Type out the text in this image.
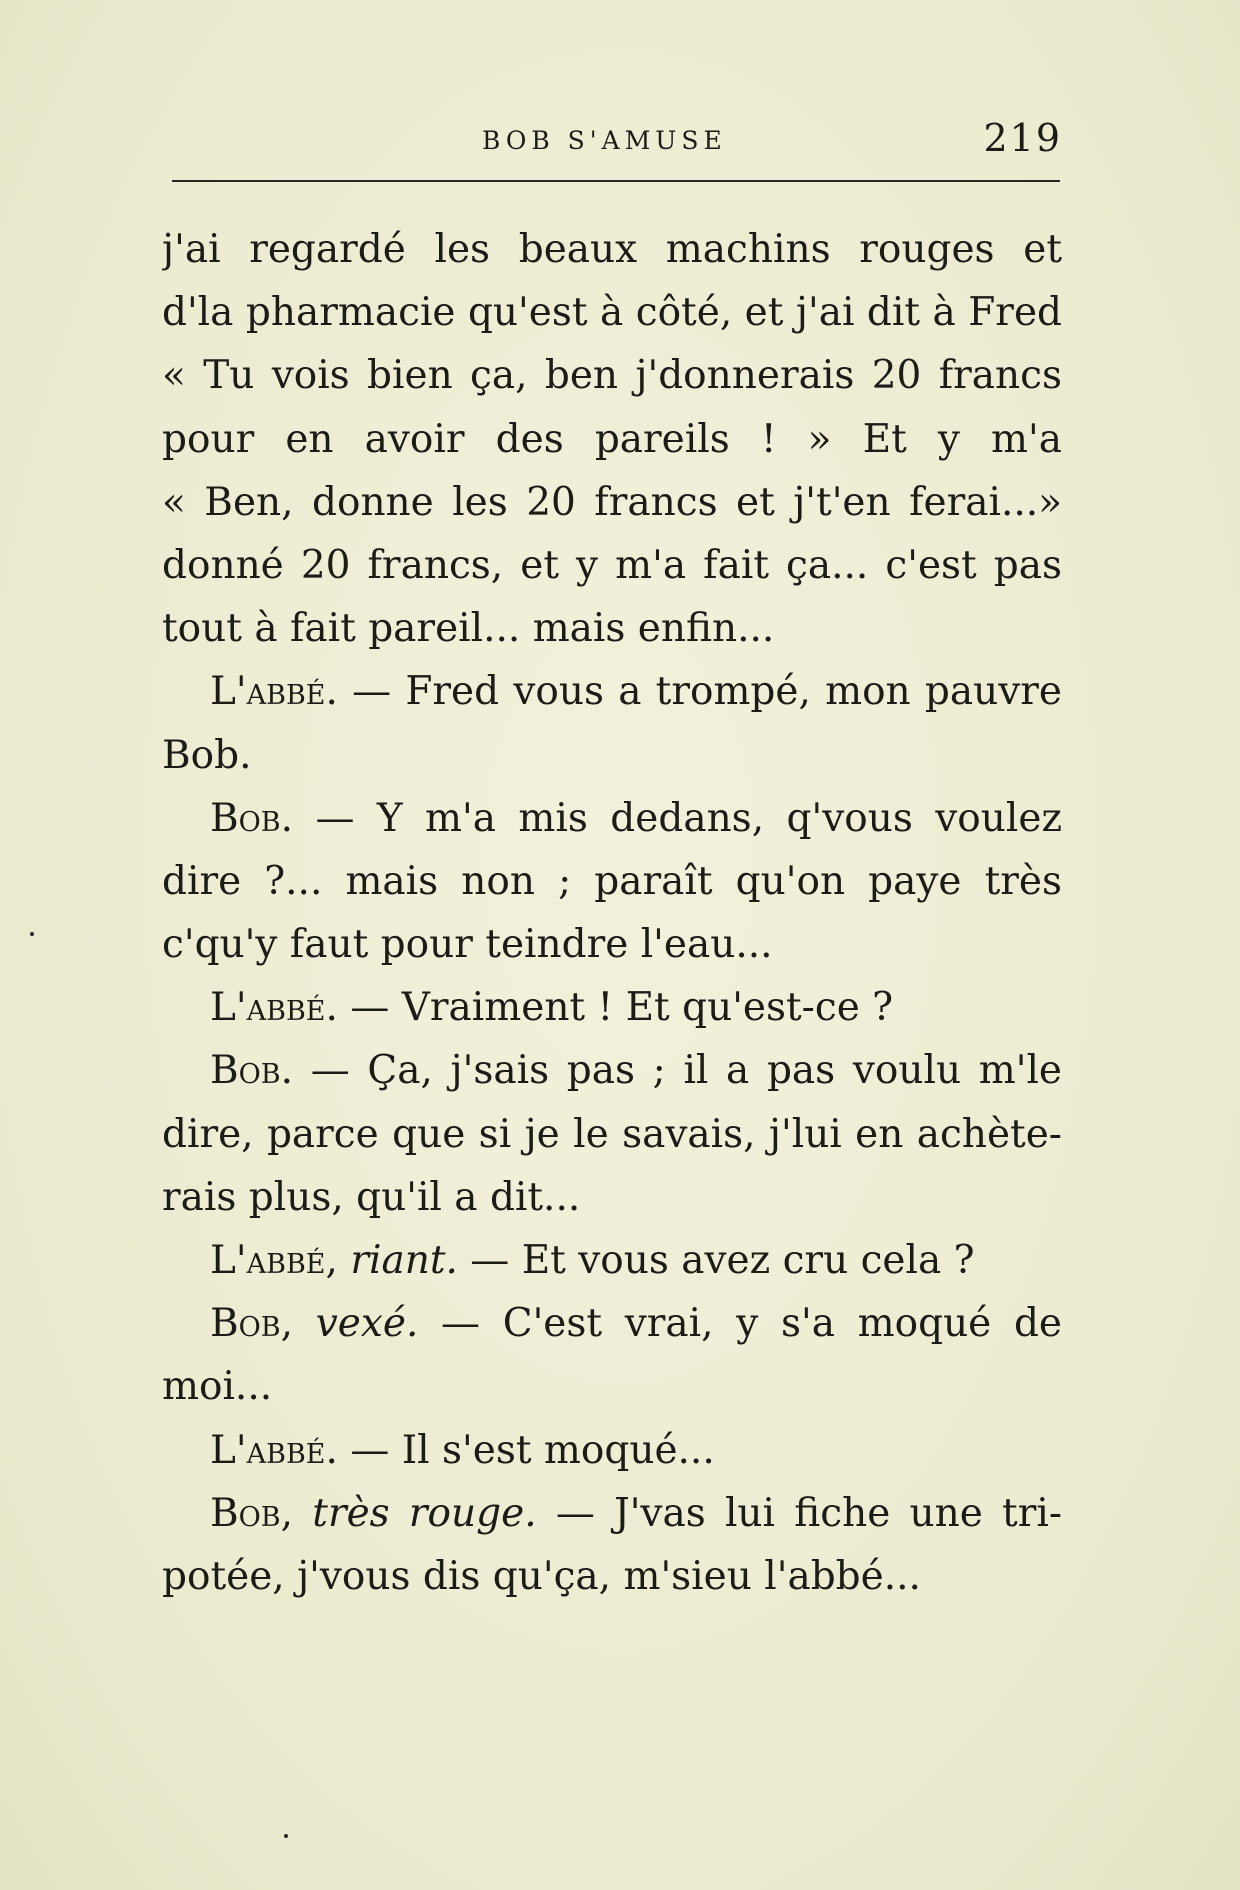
BOB S'AMUSE	219
j'ai regardé les beaux machins rouges et
d'la pharmacie qu'est à côté, et j'ai dit à Fred
« Tu vois bien ça, ben j'donnerais 20 francs
pour en avoir des pareils ! » Et y m'a
« Ben, donne les 20 francs et j't'en ferai...»
donné 20 francs, et y m'a fait ça... c'est pas
tout à fait pareil... mais enfin...
L'abbé. — Fred vous a trompé, mon pauvre
Bob.
Bob. — Y m'a mis dedans, q'vous voulez
dire ?... mais non ; paraît qu'on paye très
c'qu'y faut pour teindre l'eau...
L'abbé. — Vraiment ! Et qu'est-ce ?
Bob. — Ça, j'sais pas ; il a pas voulu m'le
dire, parce que si je le savais, j'lui en achète-
rais plus, qu'il a dit...
L'abbé, riant. — Et vous avez cru cela ?
Bob, vexé. — C'est vrai, y s'a moqué de
moi...
L'abbé. — Il s'est moqué...
Bob, très rouge. — J'vas lui fiche une tri-
potée, j'vous dis qu'ça, m'sieu l'abbé...
